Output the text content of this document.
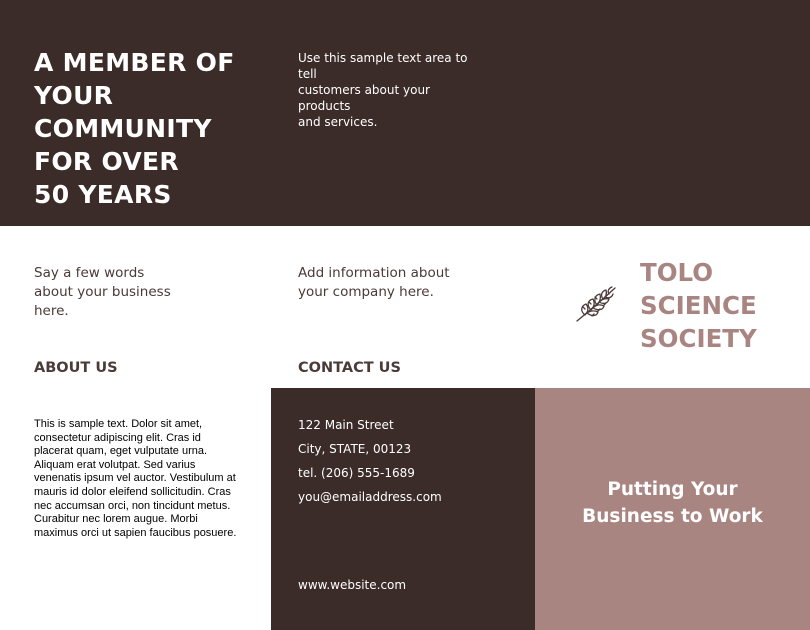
A MEMBER OF
YOUR
COMMUNITY
FOR OVER
50 YEARS

Use this sample text area to tell
customers about your products
and services.

Say a few words
about your business
here.

Add information about
your company here.

TOLO
SCIENCE
SOCIETY
ABOUT US	CONTACT US

This is sample text. Dolor sit amet,
consectetur adipiscing elit. Cras id
placerat quam, eget vulputate urna.
Aliquam erat volutpat. Sed varius
venenatis ipsum vel auctor. Vestibulum at
mauris id dolor eleifend sollicitudin. Cras
nec accumsan orci, non tincidunt metus.
Curabitur nec lorem augue. Morbi
maximus orci ut sapien faucibus posuere.

122 Main Street

City, STATE, 00123

tel. (206) 555-1689

you@emailaddress.com

www.website.com

Putting Your
Business to Work
